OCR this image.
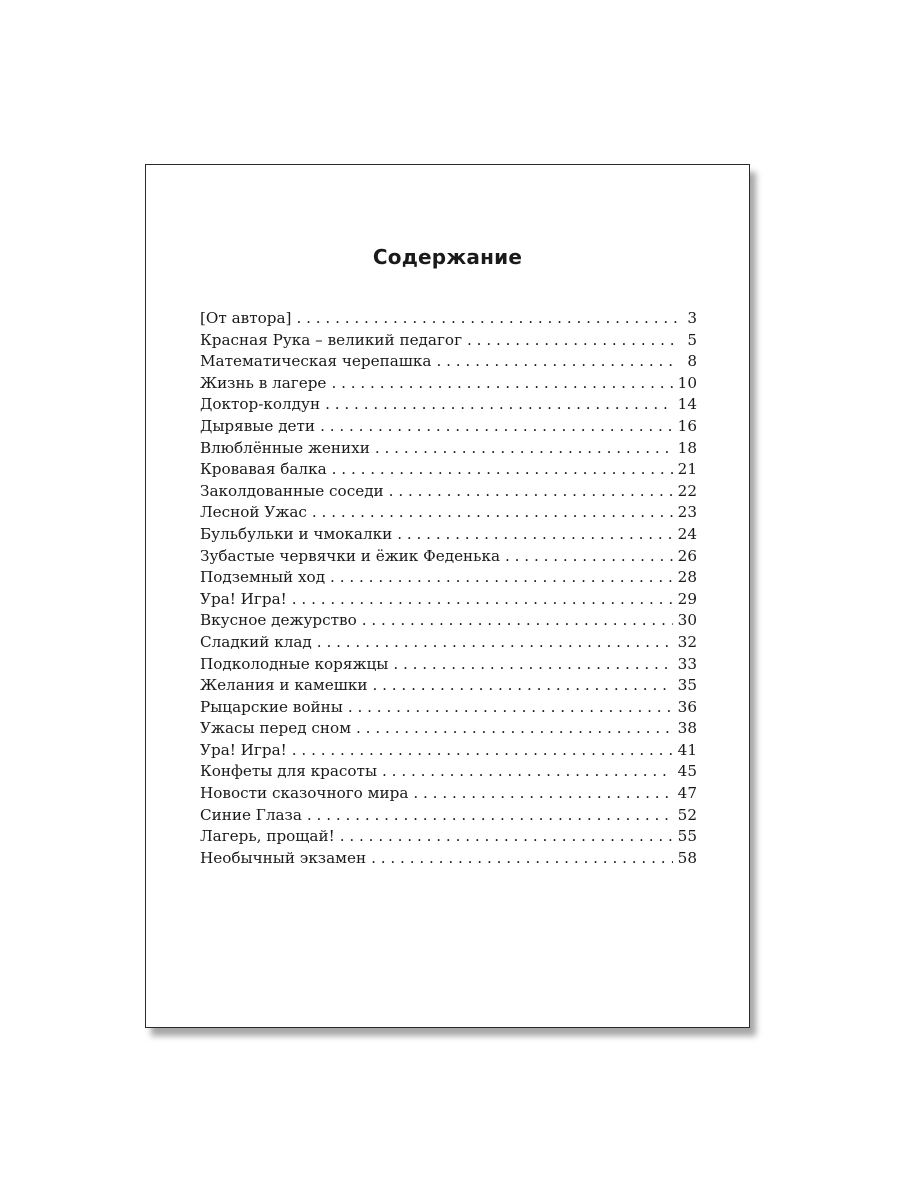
Содержание
[От автора] . . .	3
Красная Рука – великий педагог . . .	5
Математическая черепашка . . .	8
Жизнь в лагере . . .	10
Доктор-колдун . . .	14
Дырявые дети . . .	16
Влюблённые женихи . . .	18
Кровавая балка . . .	21
Заколдованные соседи . . .	22
Лесной Ужас . . .	23
Бульбульки и чмокалки . . .	24
Зубастые червячки и ёжик Феденька . . .	26
Подземный ход . . .	28
Ура! Игра! . . .	29
Вкусное дежурство . . .	30
Сладкий клад . . .	32
Подколодные коряжцы . . .	33
Желания и камешки . . .	35
Рыцарские войны . . .	36
Ужасы перед сном . . .	38
Ура! Игра! . . .	41
Конфеты для красоты . . .	45
Новости сказочного мира . . .	47
Синие Глаза . . .	52
Лагерь, прощай! . . .	55
Необычный экзамен . . .	58
